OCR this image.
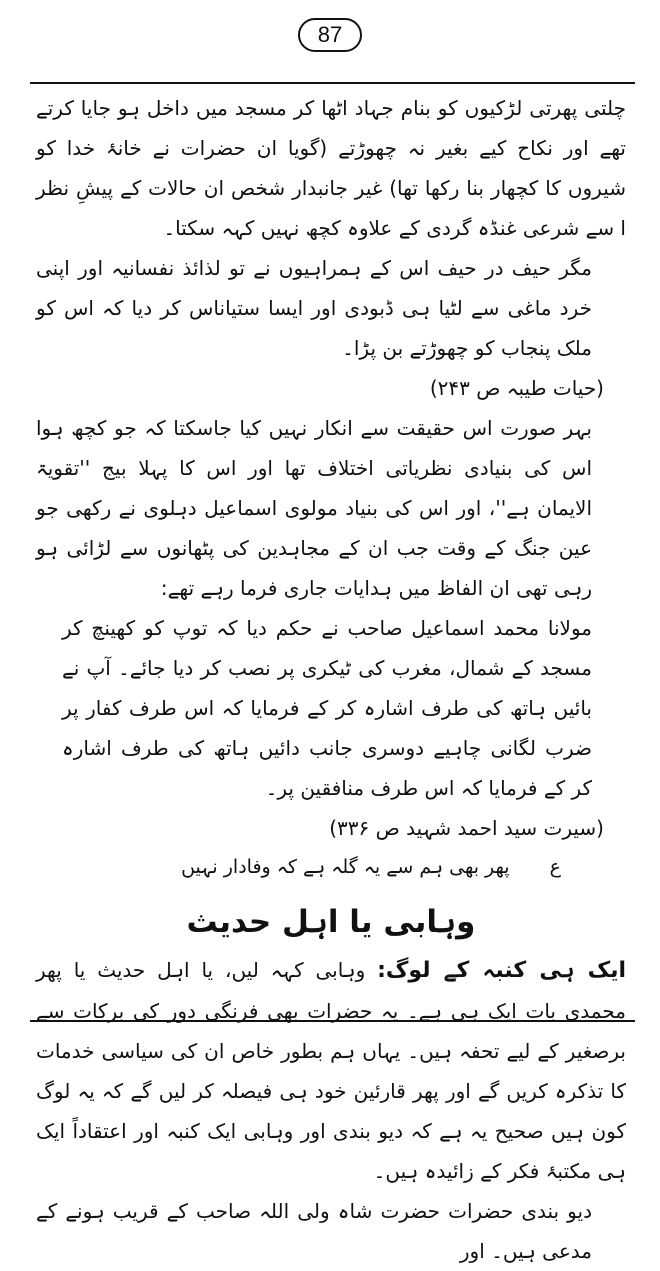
87

چلتی پھرتی لڑکیوں کو بنام جہاد اٹھا کر مسجد میں داخل ہو جایا کرتے تھے اور نکاح کیے بغیر نہ چھوڑتے (گویا ان حضرات نے خانۂ خدا کو شیروں کا کچھار بنا رکھا تھا) غیر جانبدار شخص ان حالات کے پیشِ نظر ا سے شرعی غنڈہ گردی کے علاوہ کچھ نہیں کہہ سکتا۔

مگر حیف در حیف اس کے ہمراہیوں نے تو لذائذ نفسانیہ اور اپنی خرد ماغی سے لٹیا ہی ڈبودی اور ایسا ستیاناس کر دیا کہ اس کو ملک پنجاب کو چھوڑتے بن پڑا۔

(حیات طیبہ ص ۲۴۳)

بہر صورت اس حقیقت سے انکار نہیں کیا جاسکتا کہ جو کچھ ہوا اس کی بنیادی نظریاتی اختلاف تھا اور اس کا پہلا بیج ''تقویۃ الایمان ہے''، اور اس کی بنیاد مولوی اسماعیل دہلوی نے رکھی جو عین جنگ کے وقت جب ان کے مجاہدین کی پٹھانوں سے لڑائی ہو رہی تھی ان الفاظ میں ہدایات جاری فرما رہے تھے:

مولانا محمد اسماعیل صاحب نے حکم دیا کہ توپ کو کھینچ کر مسجد کے شمال، مغرب کی ٹیکری پر نصب کر دیا جائے۔ آپ نے بائیں ہاتھ کی طرف اشارہ کر کے فرمایا کہ اس طرف کفار پر ضرب لگانی چاہیے دوسری جانب دائیں ہاتھ کی طرف اشارہ کر کے فرمایا کہ اس طرف منافقین پر۔

(سیرت سید احمد شہید ص ۳۳۶)

ع
پھر بھی ہم سے یہ گلہ ہے کہ وفادار نہیں

وہابی یا اہل حدیث

ایک ہی کنبہ کے لوگ: وہابی کہہ لیں، یا اہل حدیث یا پھر محمدی بات ایک ہی ہے۔ یہ حضرات بھی فرنگی دور کی برکات سے برصغیر کے لیے تحفہ ہیں۔ یہاں ہم بطور خاص ان کی سیاسی خدمات کا تذکرہ کریں گے اور پھر قارئین خود ہی فیصلہ کر لیں گے کہ یہ لوگ کون ہیں صحیح یہ ہے کہ دیو بندی اور وہابی ایک کنبہ اور اعتقاداً ایک ہی مکتبۂ فکر کے زائیدہ ہیں۔

دیو بندی حضرات حضرت شاہ ولی اللہ صاحب کے قریب ہونے کے مدعی ہیں۔ اور
